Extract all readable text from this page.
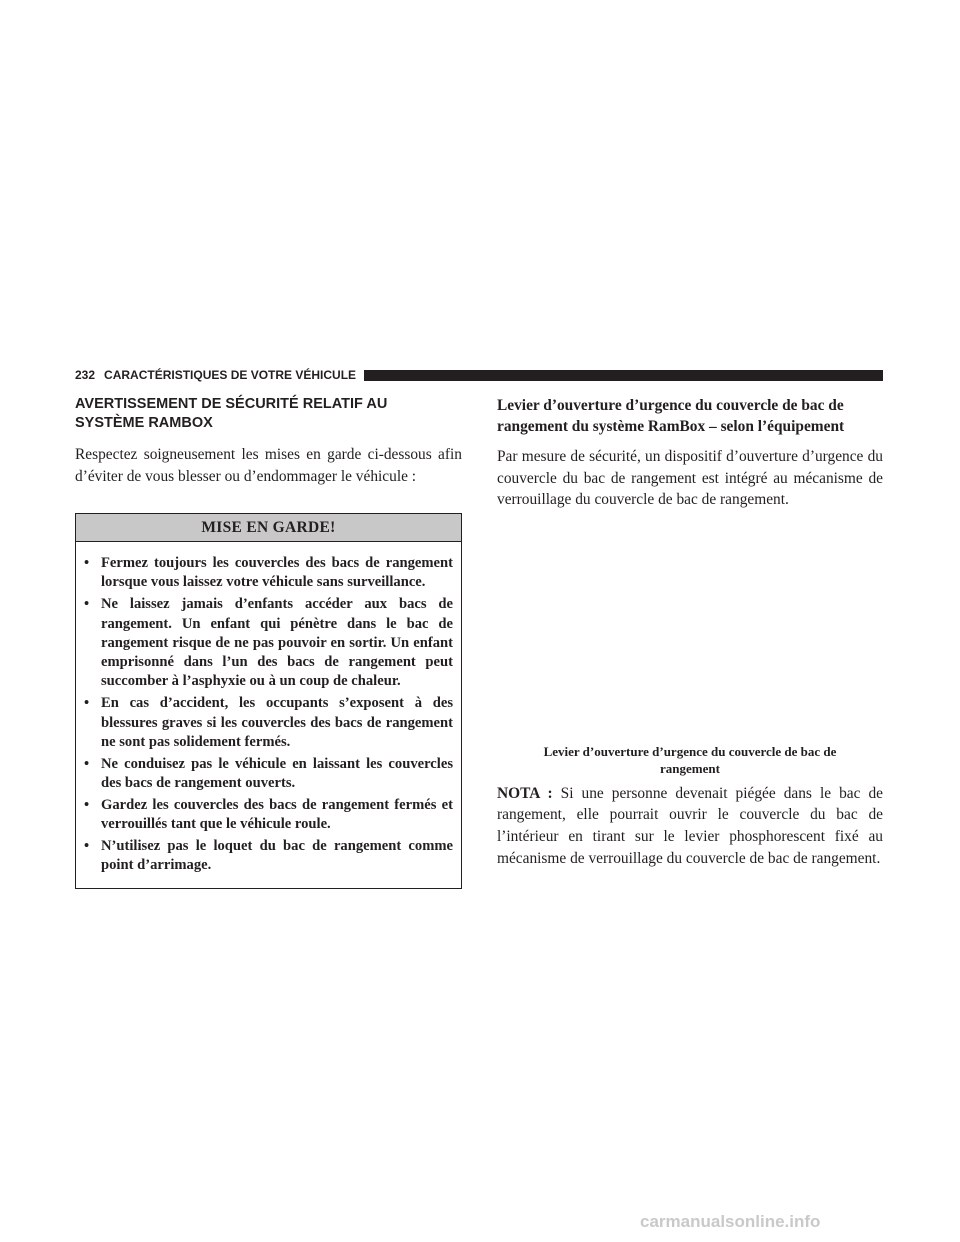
232 CARACTÉRISTIQUES DE VOTRE VÉHICULE
AVERTISSEMENT DE SÉCURITÉ RELATIF AU
SYSTÈME RAMBOX

Respectez soigneusement les mises en garde ci-dessous afin d’éviter de vous blesser ou d’endommager le véhicule :

MISE EN GARDE!
• Fermez toujours les couvercles des bacs de rangement lorsque vous laissez votre véhicule sans surveillance.
• Ne laissez jamais d’enfants accéder aux bacs de rangement. Un enfant qui pénètre dans le bac de rangement risque de ne pas pouvoir en sortir. Un enfant emprisonné dans l’un des bacs de rangement peut succomber à l’asphyxie ou à un coup de chaleur.
• En cas d’accident, les occupants s’exposent à des blessures graves si les couvercles des bacs de rangement ne sont pas solidement fermés.
• Ne conduisez pas le véhicule en laissant les couvercles des bacs de rangement ouverts.
• Gardez les couvercles des bacs de rangement fermés et verrouillés tant que le véhicule roule.
• N’utilisez pas le loquet du bac de rangement comme point d’arrimage.
Levier d’ouverture d’urgence du couvercle de bac de
rangement du système RamBox – selon l’équipement

Par mesure de sécurité, un dispositif d’ouverture d’urgence du couvercle du bac de rangement est intégré au mécanisme de verrouillage du couvercle de bac de rangement.

Levier d’ouverture d’urgence du couvercle de bac de rangement

NOTA : Si une personne devenait piégée dans le bac de rangement, elle pourrait ouvrir le couvercle du bac de l’intérieur en tirant sur le levier phosphorescent fixé au mécanisme de verrouillage du couvercle de bac de rangement.

carmanualsonline.info
